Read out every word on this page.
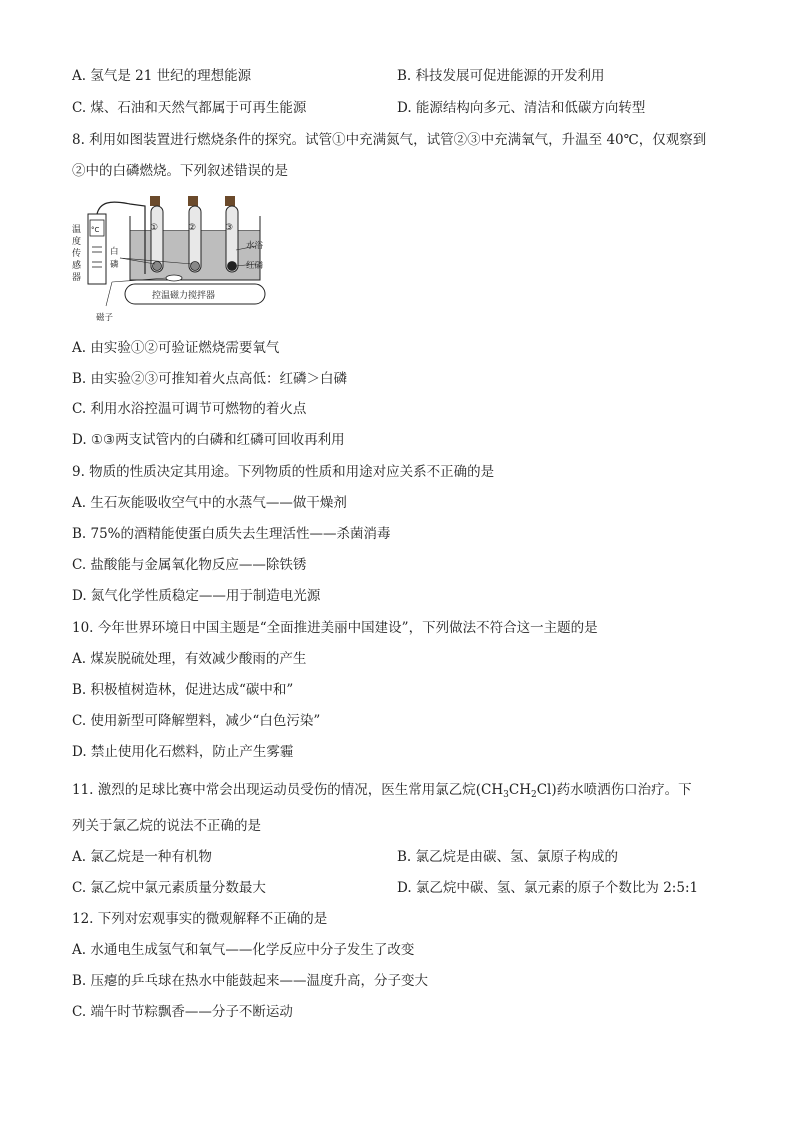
A. 氢气是 21 世纪的理想能源	B. 科技发展可促进能源的开发利用
C. 煤、石油和天然气都属于可再生能源	D. 能源结构向多元、清洁和低碳方向转型
8. 利用如图装置进行燃烧条件的探究。试管①中充满氮气，试管②③中充满氧气，升温至 40℃，仅观察到
②中的白磷燃烧。下列叙述错误的是
°C
温
度
传
感
器
①	②	③
白
磷
水浴
红磷
磁子
控温磁力搅拌器
A. 由实验①②可验证燃烧需要氧气
B. 由实验②③可推知着火点高低：红磷＞白磷
C. 利用水浴控温可调节可燃物的着火点
D. ①③两支试管内的白磷和红磷可回收再利用
9. 物质的性质决定其用途。下列物质的性质和用途对应关系不正确的是
A. 生石灰能吸收空气中的水蒸气——做干燥剂
B. 75%的酒精能使蛋白质失去生理活性——杀菌消毒
C. 盐酸能与金属氧化物反应——除铁锈
D. 氮气化学性质稳定——用于制造电光源
10. 今年世界环境日中国主题是“全面推进美丽中国建设”，下列做法不符合这一主题的是
A. 煤炭脱硫处理，有效减少酸雨的产生
B. 积极植树造林，促进达成“碳中和”
C. 使用新型可降解塑料，减少“白色污染”
D. 禁止使用化石燃料，防止产生雾霾
11. 激烈的足球比赛中常会出现运动员受伤的情况，医生常用氯乙烷$(CH_3CH_2Cl)$药水喷洒伤口治疗。下
列关于氯乙烷的说法不正确的是
A. 氯乙烷是一种有机物	B. 氯乙烷是由碳、氢、氯原子构成的
C. 氯乙烷中氯元素质量分数最大	D. 氯乙烷中碳、氢、氯元素的原子个数比为 2:5:1
12. 下列对宏观事实的微观解释不正确的是
A. 水通电生成氢气和氧气——化学反应中分子发生了改变
B. 压瘪的乒乓球在热水中能鼓起来——温度升高，分子变大
C. 端午时节粽飘香——分子不断运动
